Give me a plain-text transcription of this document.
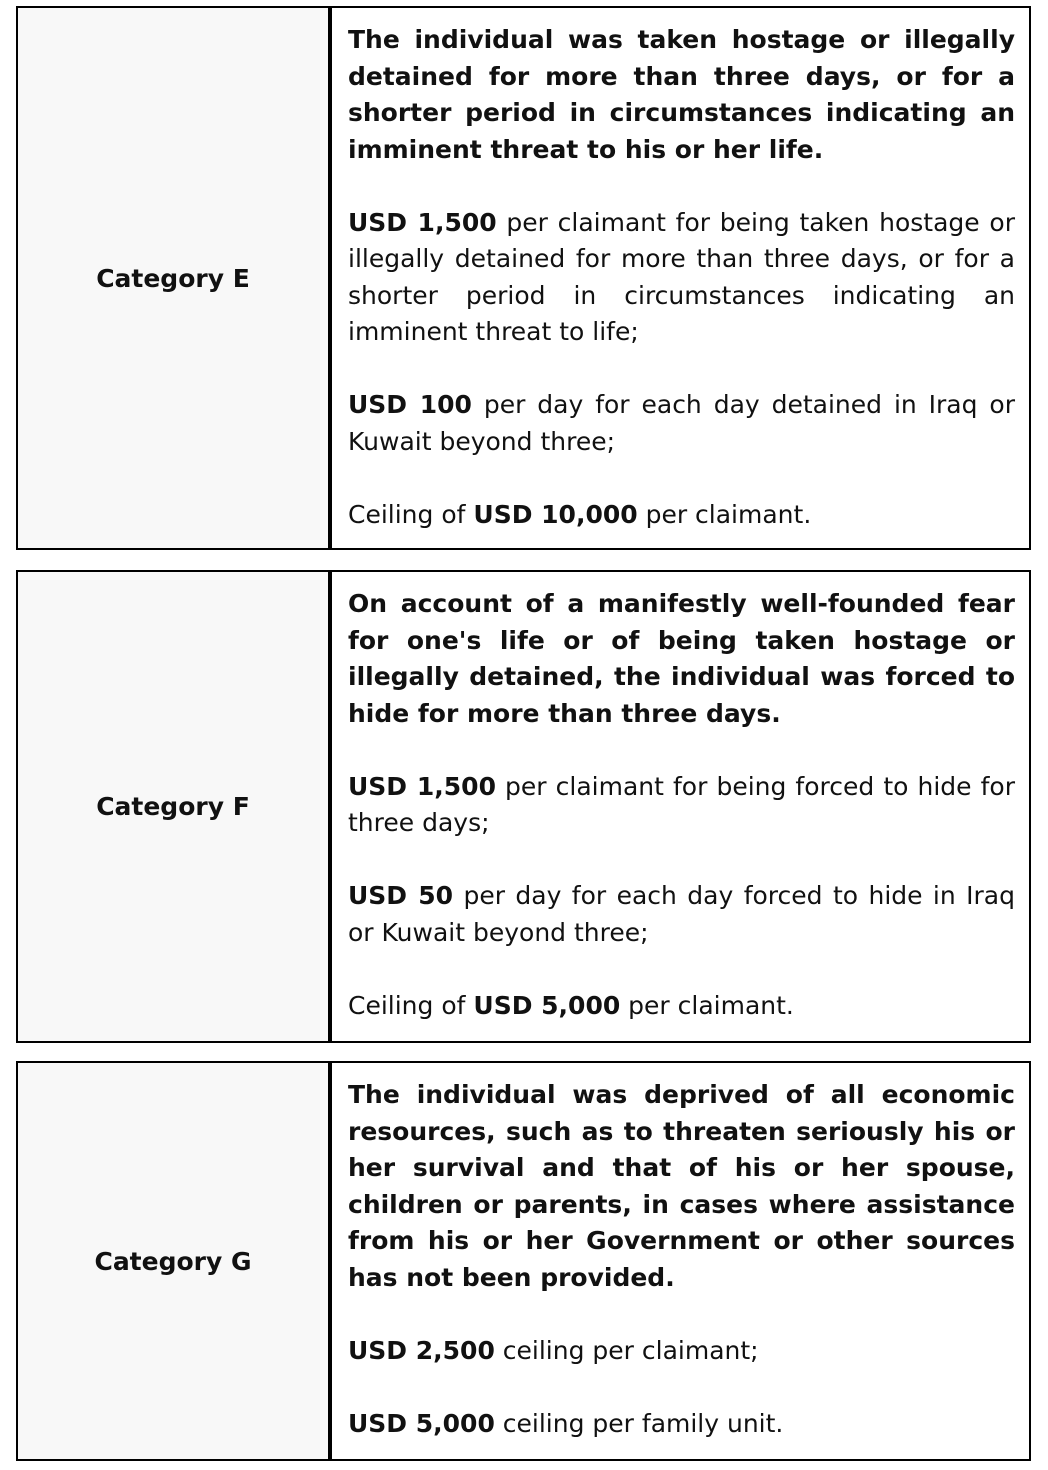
Category E

The individual was taken hostage or illegally detained for more than three days, or for a shorter period in circumstances indicating an imminent threat to his or her life.

USD 1,500 per claimant for being taken hostage or illegally detained for more than three days, or for a shorter period in circumstances indicating an imminent threat to life;

USD 100 per day for each day detained in Iraq or Kuwait beyond three;

Ceiling of USD 10,000 per claimant.

Category F

On account of a manifestly well-founded fear for one's life or of being taken hostage or illegally detained, the individual was forced to hide for more than three days.

USD 1,500 per claimant for being forced to hide for three days;

USD 50 per day for each day forced to hide in Iraq or Kuwait beyond three;

Ceiling of USD 5,000 per claimant.

Category G

The individual was deprived of all economic resources, such as to threaten seriously his or her survival and that of his or her spouse, children or parents, in cases where assistance from his or her Government or other sources has not been provided.

USD 2,500 ceiling per claimant;

USD 5,000 ceiling per family unit.
